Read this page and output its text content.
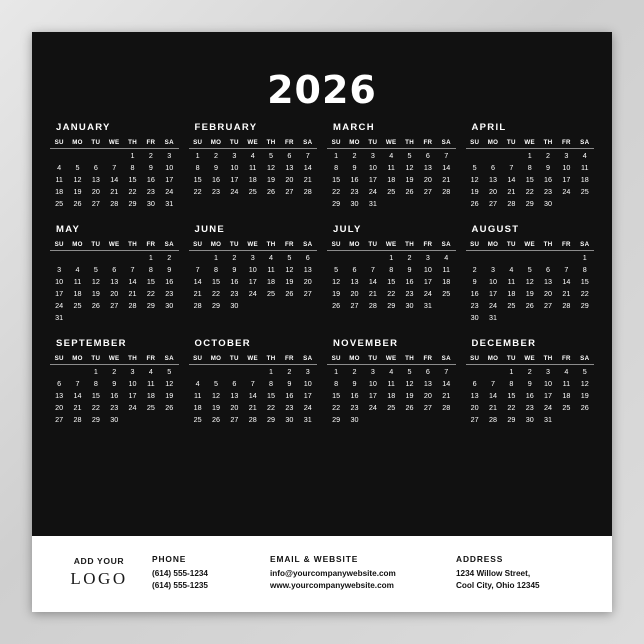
2026
JANUARY
SU	MO	TU	WE	TH	FR	SA
				1	2	3
4	5	6	7	8	9	10
11	12	13	14	15	16	17
18	19	20	21	22	23	24
25	26	27	28	29	30	31
FEBRUARY
SU	MO	TU	WE	TH	FR	SA
1	2	3	4	5	6	7
8	9	10	11	12	13	14
15	16	17	18	19	20	21
22	23	24	25	26	27	28

MARCH
SU	MO	TU	WE	TH	FR	SA
1	2	3	4	5	6	7
8	9	10	11	12	13	14
15	16	17	18	19	20	21
22	23	24	25	26	27	28
29	30	31				
APRIL
SU	MO	TU	WE	TH	FR	SA
			1	2	3	4
5	6	7	8	9	10	11
12	13	14	15	16	17	18
19	20	21	22	23	24	25
26	27	28	29	30		
MAY
SU	MO	TU	WE	TH	FR	SA
					1	2
3	4	5	6	7	8	9
10	11	12	13	14	15	16
17	18	19	20	21	22	23
24	25	26	27	28	29	30
31						
JUNE
SU	MO	TU	WE	TH	FR	SA
	1	2	3	4	5	6
7	8	9	10	11	12	13
14	15	16	17	18	19	20
21	22	23	24	25	26	27
28	29	30				

JULY
SU	MO	TU	WE	TH	FR	SA
			1	2	3	4
5	6	7	8	9	10	11
12	13	14	15	16	17	18
19	20	21	22	23	24	25
26	27	28	29	30	31	

AUGUST
SU	MO	TU	WE	TH	FR	SA
						1
2	3	4	5	6	7	8
9	10	11	12	13	14	15
16	17	18	19	20	21	22
23	24	25	26	27	28	29
30	31					
SEPTEMBER
SU	MO	TU	WE	TH	FR	SA
		1	2	3	4	5
6	7	8	9	10	11	12
13	14	15	16	17	18	19
20	21	22	23	24	25	26
27	28	29	30			
OCTOBER
SU	MO	TU	WE	TH	FR	SA
				1	2	3
4	5	6	7	8	9	10
11	12	13	14	15	16	17
18	19	20	21	22	23	24
25	26	27	28	29	30	31
NOVEMBER
SU	MO	TU	WE	TH	FR	SA
1	2	3	4	5	6	7
8	9	10	11	12	13	14
15	16	17	18	19	20	21
22	23	24	25	26	27	28
29	30					
DECEMBER
SU	MO	TU	WE	TH	FR	SA
		1	2	3	4	5
6	7	8	9	10	11	12
13	14	15	16	17	18	19
20	21	22	23	24	25	26
27	28	29	30	31		
ADD YOUR
LOGO
PHONE
(614) 555-1234
(614) 555-1235
EMAIL & WEBSITE
info@yourcompanywebsite.com
www.yourcompanywebsite.com
ADDRESS
1234 Willow Street,
Cool City, Ohio 12345
